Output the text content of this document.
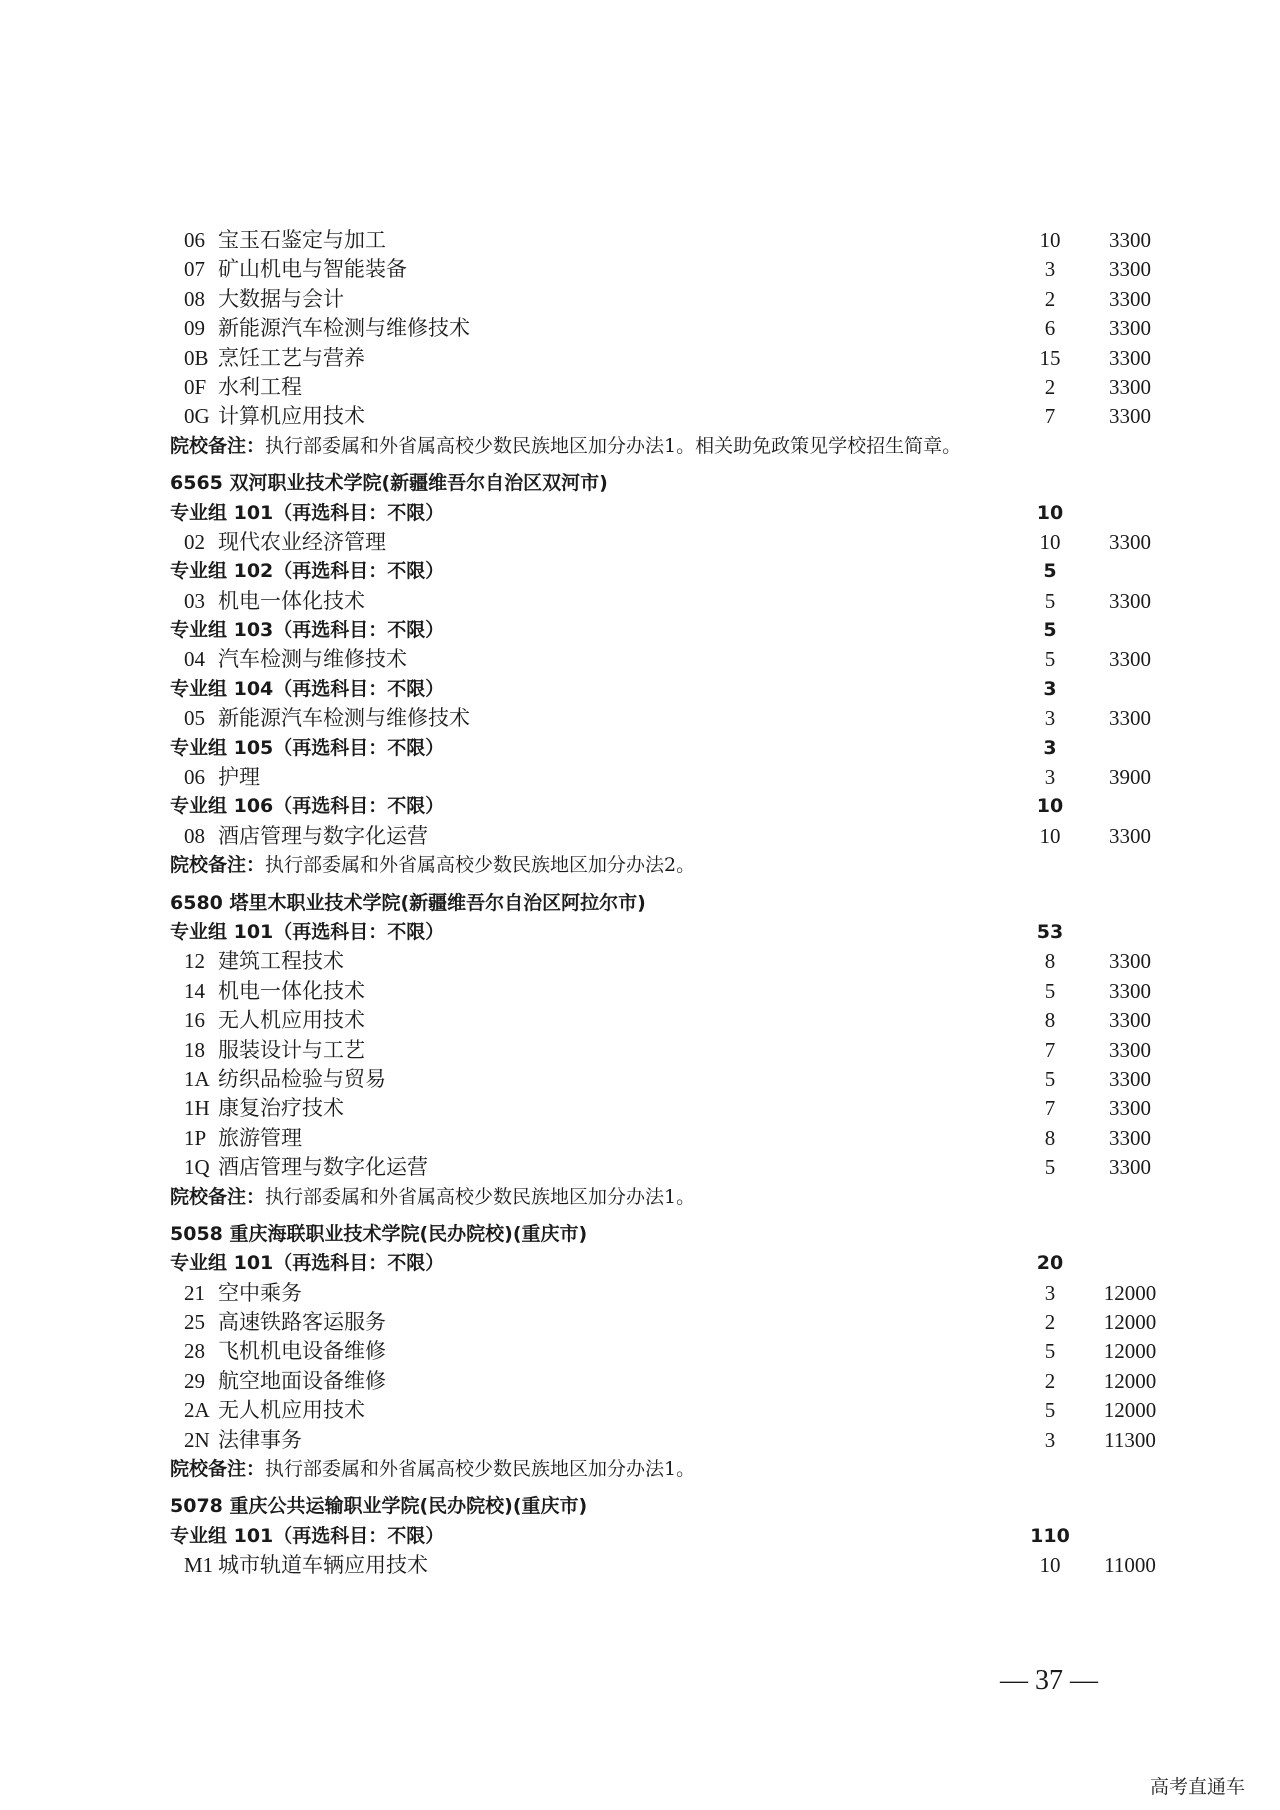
06 宝玉石鉴定与加工	10	3300
07 矿山机电与智能装备	3	3300
08 大数据与会计	2	3300
09 新能源汽车检测与维修技术	6	3300
0B 烹饪工艺与营养	15	3300
0F 水利工程	2	3300
0G 计算机应用技术	7	3300
院校备注：执行部委属和外省属高校少数民族地区加分办法1。相关助免政策见学校招生简章。
6565 双河职业技术学院(新疆维吾尔自治区双河市)
专业组 101（再选科目：不限）	10
02 现代农业经济管理	10	3300
专业组 102（再选科目：不限）	5
03 机电一体化技术	5	3300
专业组 103（再选科目：不限）	5
04 汽车检测与维修技术	5	3300
专业组 104（再选科目：不限）	3
05 新能源汽车检测与维修技术	3	3300
专业组 105（再选科目：不限）	3
06 护理	3	3900
专业组 106（再选科目：不限）	10
08 酒店管理与数字化运营	10	3300
院校备注：执行部委属和外省属高校少数民族地区加分办法2。
6580 塔里木职业技术学院(新疆维吾尔自治区阿拉尔市)
专业组 101（再选科目：不限）	53
12 建筑工程技术	8	3300
14 机电一体化技术	5	3300
16 无人机应用技术	8	3300
18 服装设计与工艺	7	3300
1A 纺织品检验与贸易	5	3300
1H 康复治疗技术	7	3300
1P 旅游管理	8	3300
1Q 酒店管理与数字化运营	5	3300
院校备注：执行部委属和外省属高校少数民族地区加分办法1。
5058 重庆海联职业技术学院(民办院校)(重庆市)
专业组 101（再选科目：不限）	20
21 空中乘务	3	12000
25 高速铁路客运服务	2	12000
28 飞机机电设备维修	5	12000
29 航空地面设备维修	2	12000
2A 无人机应用技术	5	12000
2N 法律事务	3	11300
院校备注：执行部委属和外省属高校少数民族地区加分办法1。
5078 重庆公共运输职业学院(民办院校)(重庆市)
专业组 101（再选科目：不限）	110
M1 城市轨道车辆应用技术	10	11000
— 37 —
高考直通车
